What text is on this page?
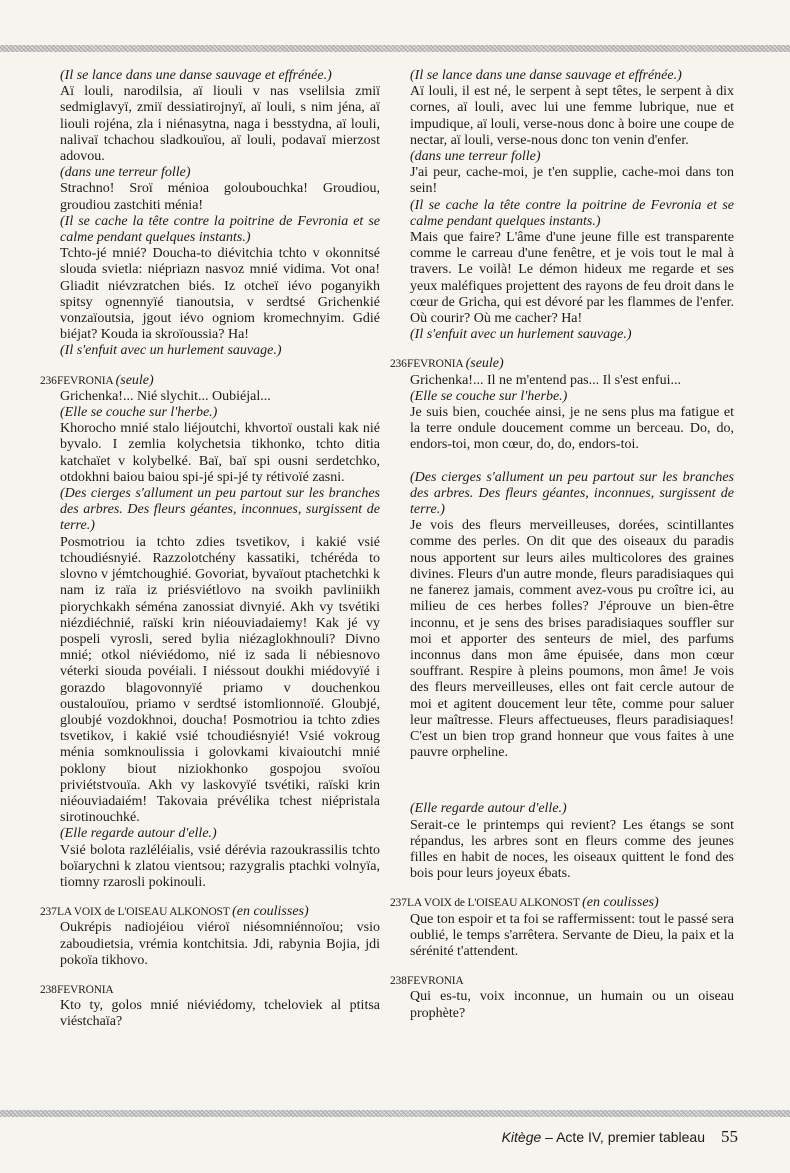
(Il se lance dans une danse sauvage et effrénée.)

Aï louli, narodilsia, aï liouli v nas vselilsia zmiï sedmiglavyï, zmiï dessiatirojnyï, aï louli, s nim jéna, aï liouli rojéna, zla i niénasytna, naga i besstydna, aï louli, nalivaï tchachou sladkouïou, aï louli, podavaï mierzost adovou.

(dans une terreur folle)

Strachno! Sroï ménioa goloubouchka! Groudiou, groudiou zastchiti ménia!

(Il se cache la tête contre la poitrine de Fevronia et se calme pendant quelques instants.)

Tchto-jé mnié? Doucha-to diévitchia tchto v okonnitsé slouda svietla: niépriazn nasvoz mnié vidima. Vot ona! Gliadit niévzratchen biés. Iz otcheï iévo poganyikh spitsy ognennyïé tianoutsia, v serdtsé Grichenkié vonzaïoutsia, jgout iévo ogniom kromechnyim. Gdié biéjat? Kouda ia skroïoussia? Ha!

(Il s'enfuit avec un hurlement sauvage.)

236FEVRONIA (seule)

Grichenka!... Nié slychit... Oubiéjal...

(Elle se couche sur l'herbe.)

Khorocho mnié stalo liéjoutchi, khvortoï oustali kak nié byvalo. I zemlia kolychetsia tikhonko, tchto ditia katchaïet v kolybelké. Baï, baï spi ousni serdetchko, otdokhni baiou baiou spi-jé spi-jé ty rétivoïé zasni.

(Des cierges s'allument un peu partout sur les branches des arbres. Des fleurs géantes, inconnues, surgissent de terre.)

Posmotriou ia tchto zdies tsvetikov, i kakié vsié tchoudiésnyié. Razzolotchény kassatiki, tchéréda to slovno v jémtchoughié. Govoriat, byvaïout ptachetchki k nam iz raïa iz priésviétlovo na svoikh pavliniikh piorychkakh séména zanossiat divnyié. Akh vy tsvétiki niézdiéchnié, raïski krin niéouviadaiemy! Kak jé vy pospeli vyrosli, sered bylia niézaglokhnouli? Divno mnié; otkol niéviédomo, nié iz sada li nébiesnovo véterki siouda povéiali. I niéssout doukhi miédovyïé i gorazdo blagovonnyïé priamo v douchenkou oustalouïou, priamo v serdtsé istomlionnoïé. Gloubjé, gloubjé vozdokhnoi, doucha! Posmotriou ia tchto zdies tsvetikov, i kakié vsié tchoudiésnyié! Vsié vokroug ménia somknoulissia i golovkami kivaioutchi mnié poklony biout niziokhonko gospojou svoïou priviétstvouïa. Akh vy laskovyïé tsvétiki, raïski krin niéouviadaiém! Takovaia prévélika tchest niépristala sirotinouchké.

(Elle regarde autour d'elle.)

Vsié bolota razléléialis, vsié dérévia razoukrassilis tchto boïarychni k zlatou vientsou; razygralis ptachki volnyïa, tiomny rzarosli pokinouli.

237LA VOIX de L'OISEAU ALKONOST (en coulisses)

Oukrépis nadiojéiou viéroï niésomniénnoïou; vsio zaboudietsia, vrémia kontchitsia. Jdi, rabynia Bojia, jdi pokoïa tikhovo.

238FEVRONIA

Kto ty, golos mnié niéviédomy, tcheloviek al ptitsa viéstchaïa?

(Il se lance dans une danse sauvage et effrénée.)

Aï louli, il est né, le serpent à sept têtes, le serpent à dix cornes, aï louli, avec lui une femme lubrique, nue et impudique, aï louli, verse-nous donc à boire une coupe de nectar, aï louli, verse-nous donc ton venin d'enfer.

(dans une terreur folle)

J'ai peur, cache-moi, je t'en supplie, cache-moi dans ton sein!

(Il se cache la tête contre la poitrine de Fevronia et se calme pendant quelques instants.)

Mais que faire? L'âme d'une jeune fille est transparente comme le carreau d'une fenêtre, et je vois tout le mal à travers. Le voilà! Le démon hideux me regarde et ses yeux maléfiques projettent des rayons de feu droit dans le cœur de Gricha, qui est dévoré par les flammes de l'enfer. Où courir? Où me cacher? Ha!

(Il s'enfuit avec un hurlement sauvage.)

236FEVRONIA (seule)

Grichenka!... Il ne m'entend pas... Il s'est enfui...

(Elle se couche sur l'herbe.)

Je suis bien, couchée ainsi, je ne sens plus ma fatigue et la terre ondule doucement comme un berceau. Do, do, endors-toi, mon cœur, do, do, endors-toi.

(Des cierges s'allument un peu partout sur les branches des arbres. Des fleurs géantes, inconnues, surgissent de terre.)

Je vois des fleurs merveilleuses, dorées, scintillantes comme des perles. On dit que des oiseaux du paradis nous apportent sur leurs ailes multicolores des graines divines. Fleurs d'un autre monde, fleurs paradisiaques qui ne fanerez jamais, comment avez-vous pu croître ici, au milieu de ces herbes folles? J'éprouve un bien-être inconnu, et je sens des brises paradisiaques souffler sur moi et apporter des senteurs de miel, des parfums inconnus dans mon âme épuisée, dans mon cœur souffrant. Respire à pleins poumons, mon âme! Je vois des fleurs merveilleuses, elles ont fait cercle autour de moi et agitent doucement leur tête, comme pour saluer leur maîtresse. Fleurs affectueuses, fleurs paradisiaques! C'est un bien trop grand honneur que vous faites à une pauvre orpheline.

(Elle regarde autour d'elle.)

Serait-ce le printemps qui revient? Les étangs se sont répandus, les arbres sont en fleurs comme des jeunes filles en habit de noces, les oiseaux quittent le fond des bois pour leurs joyeux ébats.

237LA VOIX de L'OISEAU ALKONOST (en coulisses)

Que ton espoir et ta foi se raffermissent: tout le passé sera oublié, le temps s'arrêtera. Servante de Dieu, la paix et la sérénité t'attendent.

238FEVRONIA

Qui es-tu, voix inconnue, un humain ou un oiseau prophète?

Kitège – Acte IV, premier tableau 55
